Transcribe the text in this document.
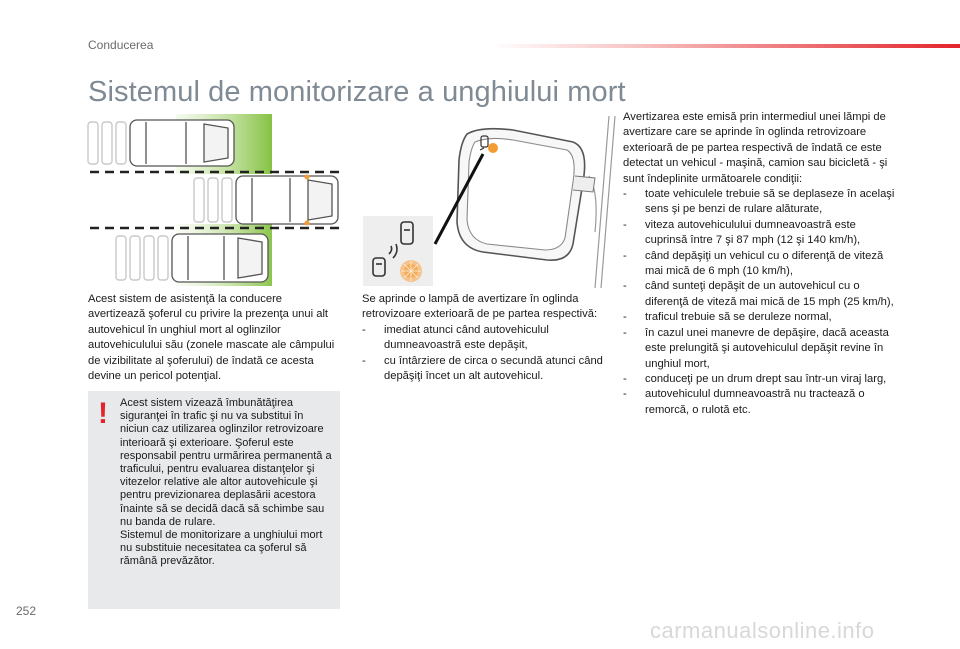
Conducerea
Sistemul de monitorizare a unghiului mort

Acest sistem de asistenţă la conducere avertizează şoferul cu privire la prezenţa unui alt autovehicul în unghiul mort al oglinzilor autovehiculului său (zonele mascate ale câmpului de vizibilitate al şoferului) de îndată ce acesta devine un pericol potenţial.

! Acest sistem vizează îmbunătăţirea siguranţei în trafic şi nu va substitui în niciun caz utilizarea oglinzilor retrovizoare interioară şi exterioare. Şoferul este responsabil pentru urmărirea permanentă a traficului, pentru evaluarea distanţelor şi vitezelor relative ale altor autovehicule şi pentru previzionarea deplasării acestora înainte să se decidă dacă să schimbe sau nu banda de rulare.
Sistemul de monitorizare a unghiului mort nu substituie necesitatea ca şoferul să rămână prevăzător.

Se aprinde o lampă de avertizare în oglinda retrovizoare exterioară de pe partea respectivă:

- imediat atunci când autovehiculul dumneavoastră este depăşit,
- cu întârziere de circa o secundă atunci când depăşiţi încet un alt autovehicul.

Avertizarea este emisă prin intermediul unei lămpi de avertizare care se aprinde în oglinda retrovizoare exterioară de pe partea respectivă de îndată ce este detectat un vehicul - maşină, camion sau bicicletă - şi sunt îndeplinite următoarele condiţii:

- toate vehiculele trebuie să se deplaseze în acelaşi sens şi pe benzi de rulare alăturate,
- viteza autovehiculului dumneavoastră este cuprinsă între 7 şi 87 mph (12 şi 140 km/h),
- când depăşiţi un vehicul cu o diferenţă de viteză mai mică de 6 mph (10 km/h),
- când sunteţi depăşit de un autovehicul cu o diferenţă de viteză mai mică de 15 mph (25 km/h),
- traficul trebuie să se deruleze normal,
- în cazul unei manevre de depăşire, dacă aceasta este prelungită şi autovehiculul depăşit revine în unghiul mort,
- conduceţi pe un drum drept sau într-un viraj larg,
- autovehiculul dumneavoastră nu tractează o remorcă, o rulotă etc.
252
carmanualsonline.info
